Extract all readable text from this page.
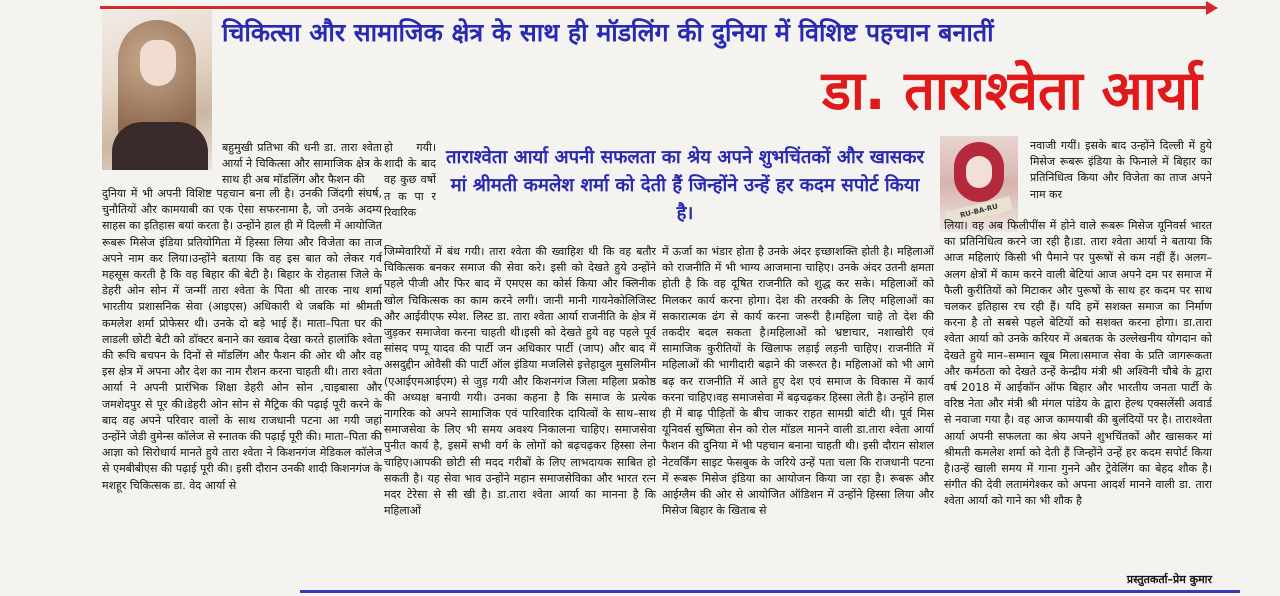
चिकित्सा और सामाजिक क्षेत्र के साथ ही मॉडलिंग की दुनिया में विशिष्ट पहचान बनातीं
डा. ताराश्वेता आर्या

बहुमुखी प्रतिभा की धनी डा. तारा श्वेता आर्या ने चिकित्सा और सामाजिक क्षेत्र के साथ ही अब मॉडलिंग और फैशन की

दुनिया में भी अपनी विशिष्ट पहचान बना ली है। उनकी जिंदगी संघर्ष, चुनौतियों और कामयाबी का एक ऐसा सफरनामा है, जो उनके अदम्य साहस का इतिहास बयां करता है। उन्होंने हाल ही में दिल्ली में आयोजित रूबरू मिसेज इंडिया प्रतियोगिता में हिस्सा लिया और विजेता का ताज अपने नाम कर लिया।उन्होंने बताया कि वह इस बात को लेकर गर्व महसूस करती है कि वह बिहार की बेटी है। बिहार के रोहतास जिले के डेहरी ओन सोन में जन्मीं तारा श्वेता के पिता श्री तारक नाथ शर्मा भारतीय प्रशासनिक सेवा (आइएस) अधिकारी थे जबकि मां श्रीमती कमलेश शर्मा प्रोफेसर थी। उनके दो बड़े भाई हैं। माता–पिता घर की लाडली छोटी बेटी को डॉक्टर बनाने का ख्वाब देखा करते हालांकि श्वेता की रूचि बचपन के दिनों से मॉडलिंग और फैशन की ओर थी और वह इस क्षेत्र में अपना और देश का नाम रौशन करना चाहती थी। तारा श्वेता आर्या ने अपनी प्रारंभिक शिक्षा डेहरी ओन सोन ,चाइबासा और जमशेदपुर से पूर की।डेहरी ओन सोन से मैट्रिक की पढ़ाई पूरी करने के बाद वह अपने परिवार वालों के साथ राजधानी पटना आ गयी जहां उन्होंने जेडी वुमेन्स कॉलेज से स्नातक की पढ़ाई पूरी की। माता–पिता की आज्ञा को सिरोधार्य मानते हुये तारा श्वेता ने किशनगंज मेडिकल कॉलेज से एमबीबीएस की पढ़ाई पूरी की। इसी दौरान उनकी शादी किशनगंज के मशहूर चिकित्सक डा. वेद आर्या से

हो गयी। शादी के बाद वह कुछ वर्षो त क पा र रिवारिक

ताराश्वेता आर्या अपनी सफलता का श्रेय अपने शुभचिंतकों और खासकर मां श्रीमती कमलेश शर्मा को देती हैं जिन्होंने उन्हें हर कदम सपोर्ट किया है।

जिम्मेवारियों में बंध गयी। तारा श्वेता की ख्वाहिश थी कि वह बतौर चिकित्सक बनकर समाज की सेवा करे। इसी को देखते हुये उन्होंने पहले पीजी और फिर बाद में एमएस का कोर्स किया और क्लिनीक खोल चिकित्सक का काम करने लगी। जानी मानी गायनेकोलिजिस्ट और आईवीएफ स्पेश. लिस्ट डा. तारा श्वेता आर्या राजनीति के क्षेत्र में जुड़कर समाजेवा करना चाहती थी।इसी को देखते हुये वह पहले पूर्व सांसद पप्पू यादव की पार्टी जन अधिकार पार्टी (जाप) और बाद में असदुद्दीन ओवैसी की पार्टी ऑल इंडिया मजलिसे इत्तेहादुल मुसलिमीन (एआईएमआईएम) से जुड़ गयी और किशनगंज जिला महिला प्रकोष्ठ की अध्यक्ष बनायी गयी। उनका कहना है कि समाज के प्रत्येक नागरिक को अपने सामाजिक एवं पारिवारिक दायित्वों के साथ–साथ समाजसेवा के लिए भी समय अवश्य निकालना चाहिए। समाजसेवा पुनीत कार्य है, इसमें सभी वर्ग के लोगों को बढ़चढ़कर हिस्सा लेना चाहिए।आपकी छोटी सी मदद गरीबों के लिए लाभदायक साबित हो सकती है। यह सेवा भाव उन्होंने महान समाजसेविका और भारत रत्न मदर टेरेसा से सी खी है। डा.तारा श्वेता आर्या का मानना है कि महिलाओं

में ऊर्जा का भंडार होता है उनके अंदर इच्छाशक्ति होती है। महिलाओं को राजनीति में भी भाग्य आजमाना चाहिए। उनके अंदर उतनी क्षमता होती है कि वह दूषित राजनीति को शुद्ध कर सके। महिलाओं को मिलकर कार्य करना होगा। देश की तरक्की के लिए महिलाओं का सकारात्मक ढंग से कार्य करना जरूरी है।महिला चाहे तो देश की तकदीर बदल सकता है।महिलाओं को भ्रष्टाचार, नशाखोरी एवं सामाजिक कुरीतियों के खिलाफ लड़ाई लड़नी चाहिए। राजनीति में महिलाओं की भागीदारी बढ़ाने की जरूरत है। महिलाओं को भी आगे बढ़ कर राजनीति में आते हुए देश एवं समाज के विकास में कार्य करना चाहिए।वह समाजसेवा में बढ़चढ़कर हिस्सा लेती है। उन्होंने हाल ही में बाढ़ पीड़ितों के बीच जाकर राहत सामग्री बांटी थी। पूर्व मिस यूनिवर्स सुष्मिता सेन को रोल मॉडल मानने वाली डा.तारा श्वेता आर्या फैशन की दुनिया में भी पहचान बनाना चाहती थी। इसी दौरान सोशल नेटवर्किंग साइट फेसबुक के जरिये उन्हें पता चला कि राजधानी पटना में रूबरू मिसेज इंडिया का आयोजन किया जा रहा है। रूबरू और आईग्लैम की ओर से आयोजित ऑडिशन में उन्होंने हिस्सा लिया और मिसेज बिहार के खिताब से

RU-BA-RU

नवाजी गयीं। इसके बाद उन्होंने दिल्ली में हुये मिसेज रूबरू इंडिया के फिनाले में बिहार का प्रतिनिधित्व किया और विजेता का ताज अपने नाम कर

लिया। वह अब फिलीपींस में होने वाले रूबरू मिसेज यूनिवर्स भारत का प्रतिनिधित्व करने जा रही है।डा. तारा श्वेता आर्या ने बताया कि आज महिलाएं किसी भी पैमाने पर पुरूषों से कम नहीं हैं। अलग–अलग क्षेत्रों में काम करने वाली बेटियां आज अपने दम पर समाज में फैली कुरीतियों को मिटाकर और पुरूषों के साथ हर कदम पर साथ चलकर इतिहास रच रही हैं। यदि हमें सशक्त समाज का निर्माण करना है तो सबसे पहले बेटियों को सशक्त करना होगा। डा.तारा श्वेता आर्या को उनके करियर में अबतक के उल्लेखनीय योगदान को देखते हुये मान–सम्मान खूब मिला।समाज सेवा के प्रति जागरूकता और कर्मठता को देखते उन्हें केन्द्रीय मंत्री श्री अश्विनी चौबे के द्वारा वर्ष 2018 में आईकॉन ऑफ बिहार और भारतीय जनता पार्टी के वरिष्ठ नेता और मंत्री श्री मंगल पांडेय के द्वारा हेल्थ एक्सलेंसी अवार्ड से नवाजा गया है। वह आज कामयाबी की बुलंदियों पर है। ताराश्वेता आर्या अपनी सफलता का श्रेय अपने शुभचिंतकों और खासकर मां श्रीमती कमलेश शर्मा को देती हैं जिन्होंने उन्हें हर कदम सपोर्ट किया है।उन्हें खाली समय में गाना गुनने और ट्रेवेलिंग का बेहद शौक है। संगीत की देवी लतामंगेश्कर को अपना आदर्श मानने वाली डा. तारा श्वेता आर्या को गाने का भी शौक है

प्रस्तुतकर्ता–प्रेम कुमार
